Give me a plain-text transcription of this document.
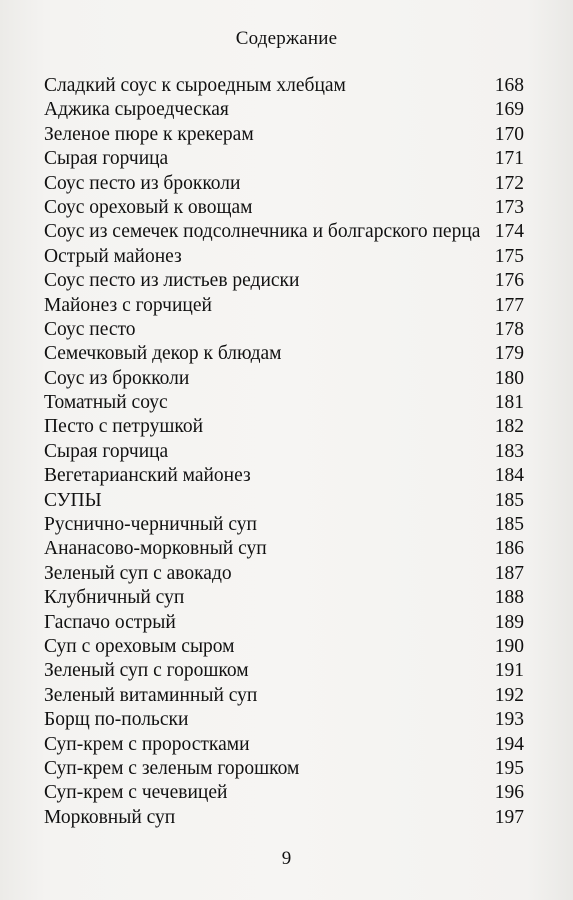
Содержание
Сладкий соус к сыроедным хлебцам	168
Аджика сыроедческая	169
Зеленое пюре к крекерам	170
Сырая горчица	171
Соус песто из брокколи	172
Соус ореховый к овощам	173
Соус из семечек подсолнечника и болгарского перца 174
Острый майонез	175
Соус песто из листьев редиски	176
Майонез с горчицей	177
Соус песто	178
Семечковый декор к блюдам	179
Соус из брокколи	180
Томатный соус	181
Песто с петрушкой	182
Сырая горчица	183
Вегетарианский майонез	184
СУПЫ	185
Руснично-черничный суп	185
Ананасово-морковный суп	186
Зеленый суп с авокадо	187
Клубничный суп	188
Гаспачо острый	189
Суп с ореховым сыром	190
Зеленый суп с горошком	191
Зеленый витаминный суп	192
Борщ по-польски	193
Суп-крем с проростками	194
Суп-крем с зеленым горошком	195
Суп-крем с чечевицей	196
Морковный суп	197
9
